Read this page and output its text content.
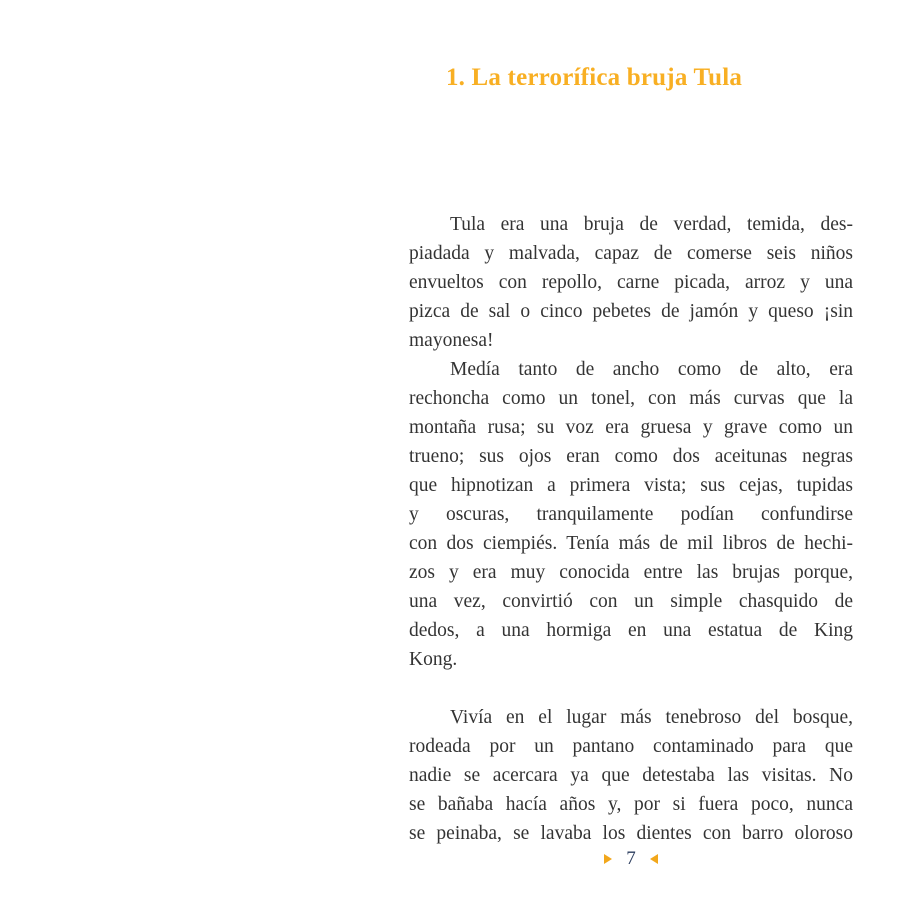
1. La terrorífica bruja Tula
Tula era una bruja de verdad, temida, des-
piadada y malvada, capaz de comerse seis niños
envueltos con repollo, carne picada, arroz y una
pizca de sal o cinco pebetes de jamón y queso ¡sin
mayonesa!
Medía tanto de ancho como de alto, era
rechoncha como un tonel, con más curvas que la
montaña rusa; su voz era gruesa y grave como un
trueno; sus ojos eran como dos aceitunas negras
que hipnotizan a primera vista; sus cejas, tupidas
y oscuras, tranquilamente podían confundirse
con dos ciempiés. Tenía más de mil libros de hechi-
zos y era muy conocida entre las brujas porque,
una vez, convirtió con un simple chasquido de
dedos, a una hormiga en una estatua de King
Kong.
Vivía en el lugar más tenebroso del bosque,
rodeada por un pantano contaminado para que
nadie se acercara ya que detestaba las visitas. No
se bañaba hacía años y, por si fuera poco, nunca
se peinaba, se lavaba los dientes con barro oloroso
7
